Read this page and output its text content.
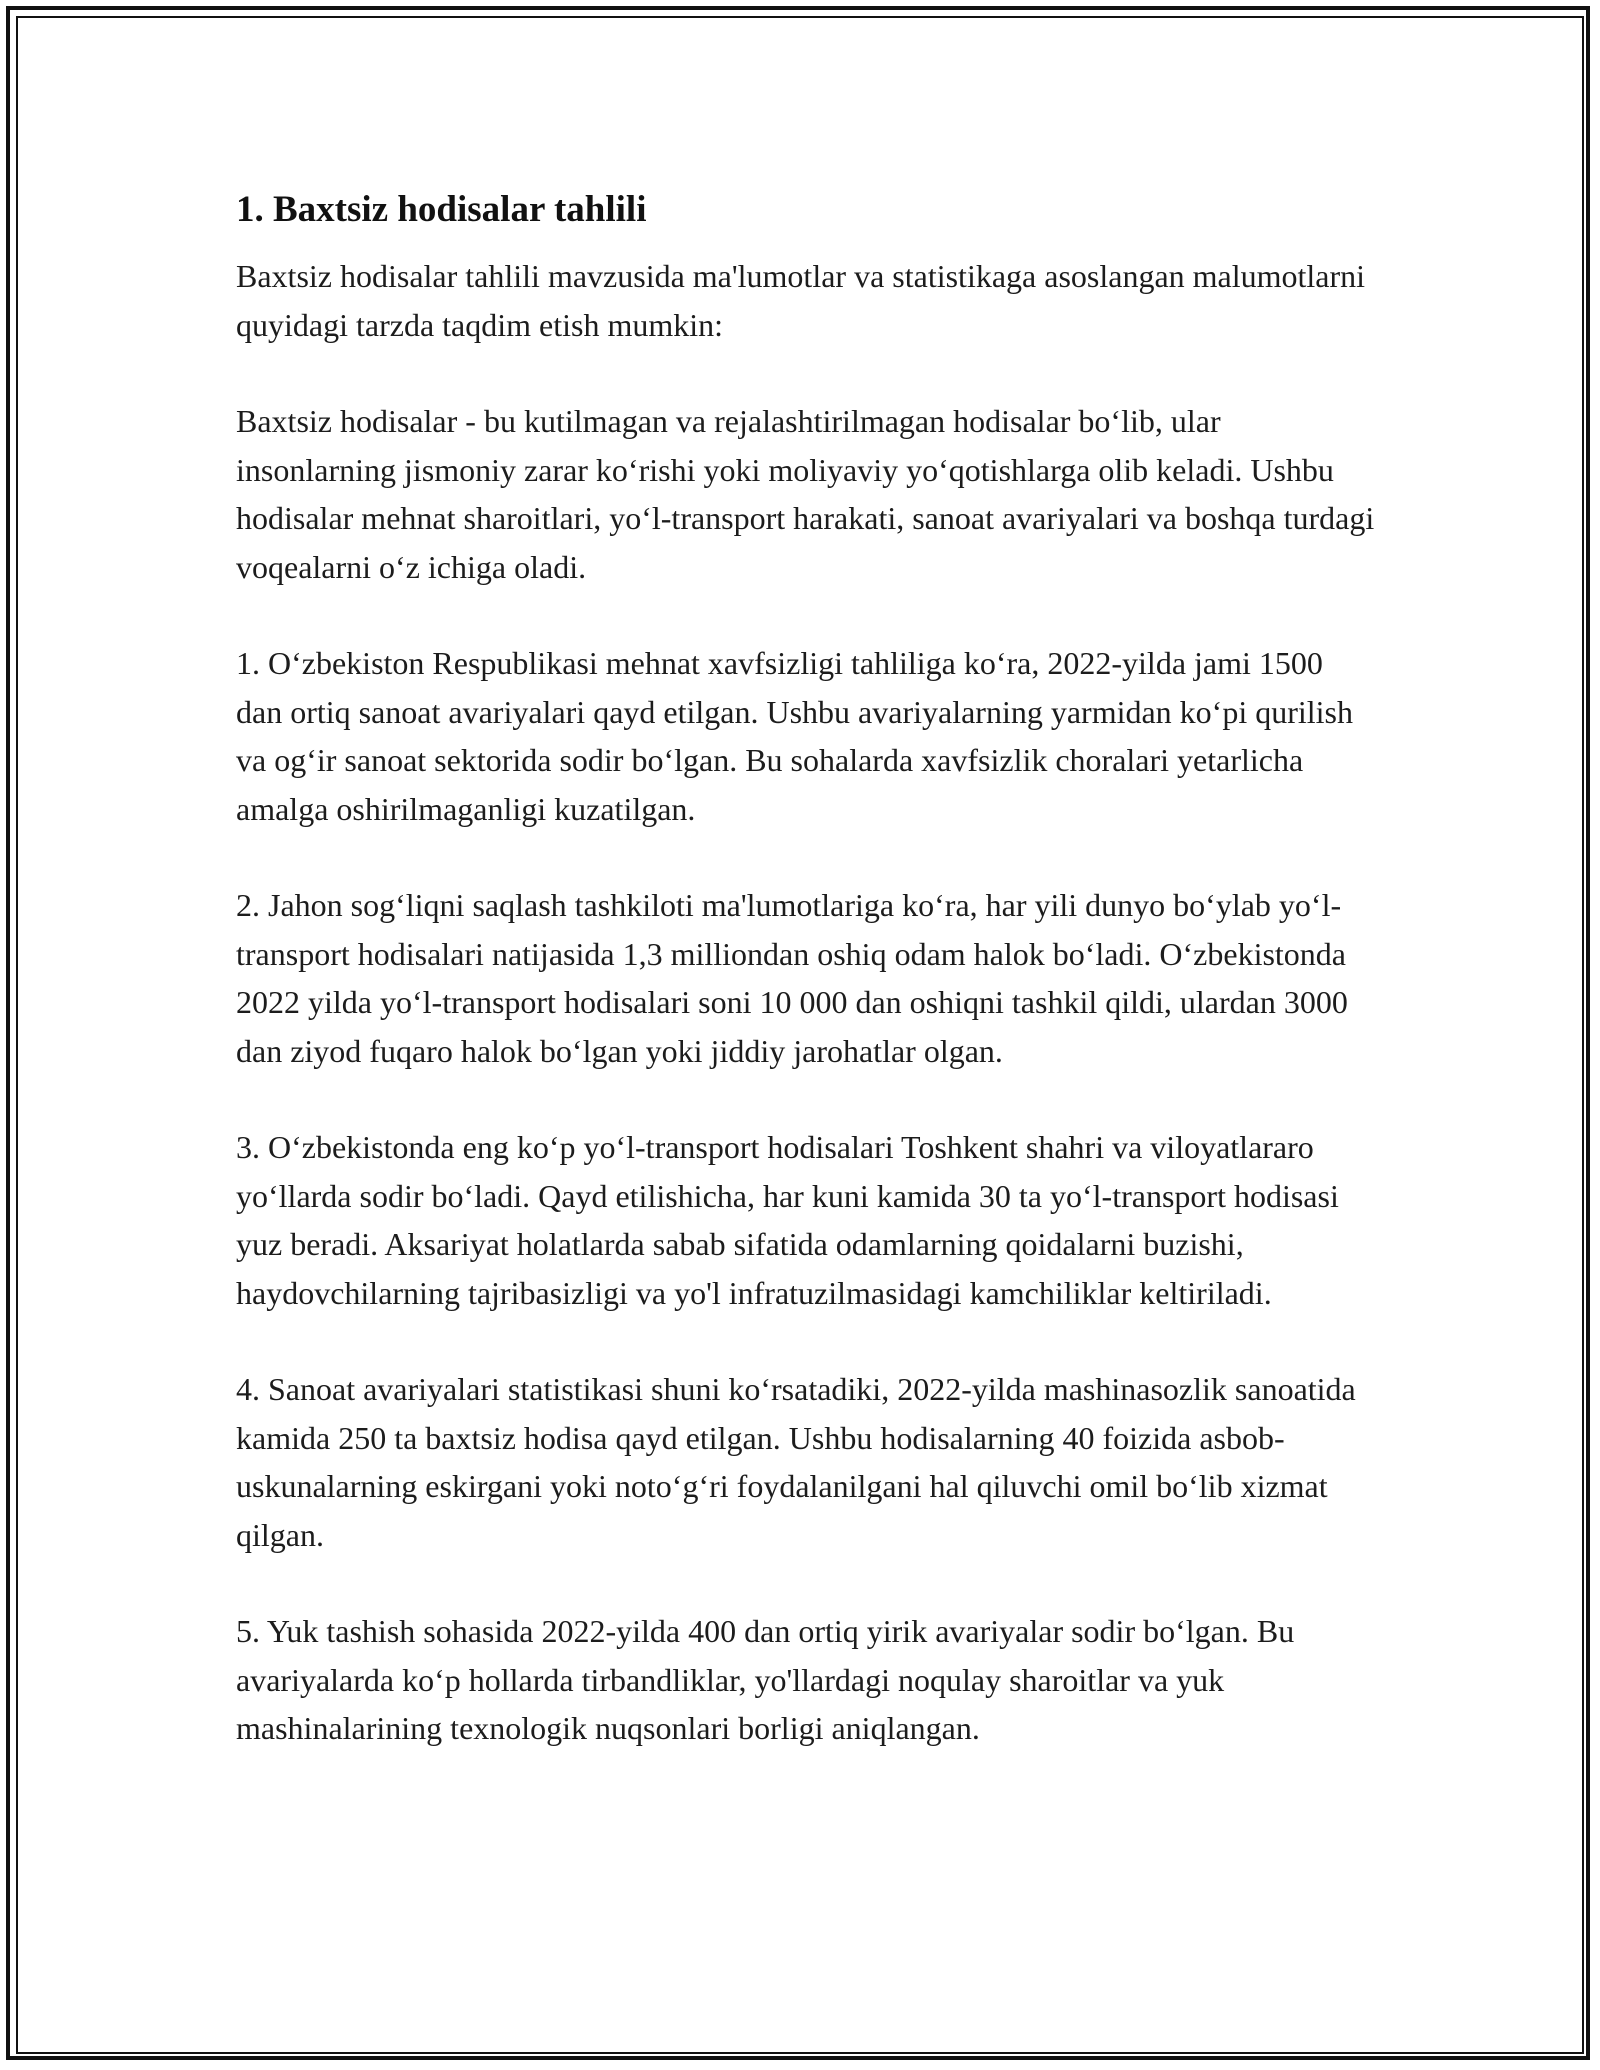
1. Baxtsiz hodisalar tahlili

Baxtsiz hodisalar tahlili mavzusida ma'lumotlar va statistikaga asoslangan malumotlarni quyidagi tarzda taqdim etish mumkin:

Baxtsiz hodisalar - bu kutilmagan va rejalashtirilmagan hodisalar bo‘lib, ular insonlarning jismoniy zarar ko‘rishi yoki moliyaviy yo‘qotishlarga olib keladi. Ushbu hodisalar mehnat sharoitlari, yo‘l-transport harakati, sanoat avariyalari va boshqa turdagi voqealarni o‘z ichiga oladi.

1. O‘zbekiston Respublikasi mehnat xavfsizligi tahliliga ko‘ra, 2022-yilda jami 1500 dan ortiq sanoat avariyalari qayd etilgan. Ushbu avariyalarning yarmidan ko‘pi qurilish va og‘ir sanoat sektorida sodir bo‘lgan. Bu sohalarda xavfsizlik choralari yetarlicha amalga oshirilmaganligi kuzatilgan.

2. Jahon sog‘liqni saqlash tashkiloti ma'lumotlariga ko‘ra, har yili dunyo bo‘ylab yo‘l-transport hodisalari natijasida 1,3 milliondan oshiq odam halok bo‘ladi. O‘zbekistonda 2022 yilda yo‘l-transport hodisalari soni 10 000 dan oshiqni tashkil qildi, ulardan 3000 dan ziyod fuqaro halok bo‘lgan yoki jiddiy jarohatlar olgan.

3. O‘zbekistonda eng ko‘p yo‘l-transport hodisalari Toshkent shahri va viloyatlararo yo‘llarda sodir bo‘ladi. Qayd etilishicha, har kuni kamida 30 ta yo‘l-transport hodisasi yuz beradi. Aksariyat holatlarda sabab sifatida odamlarning qoidalarni buzishi, haydovchilarning tajribasizligi va yo'l infratuzilmasidagi kamchiliklar keltiriladi.

4. Sanoat avariyalari statistikasi shuni ko‘rsatadiki, 2022-yilda mashinasozlik sanoatida kamida 250 ta baxtsiz hodisa qayd etilgan. Ushbu hodisalarning 40 foizida asbob-uskunalarning eskirgani yoki noto‘g‘ri foydalanilgani hal qiluvchi omil bo‘lib xizmat qilgan.

5. Yuk tashish sohasida 2022-yilda 400 dan ortiq yirik avariyalar sodir bo‘lgan. Bu avariyalarda ko‘p hollarda tirbandliklar, yo'llardagi noqulay sharoitlar va yuk mashinalarining texnologik nuqsonlari borligi aniqlangan.
